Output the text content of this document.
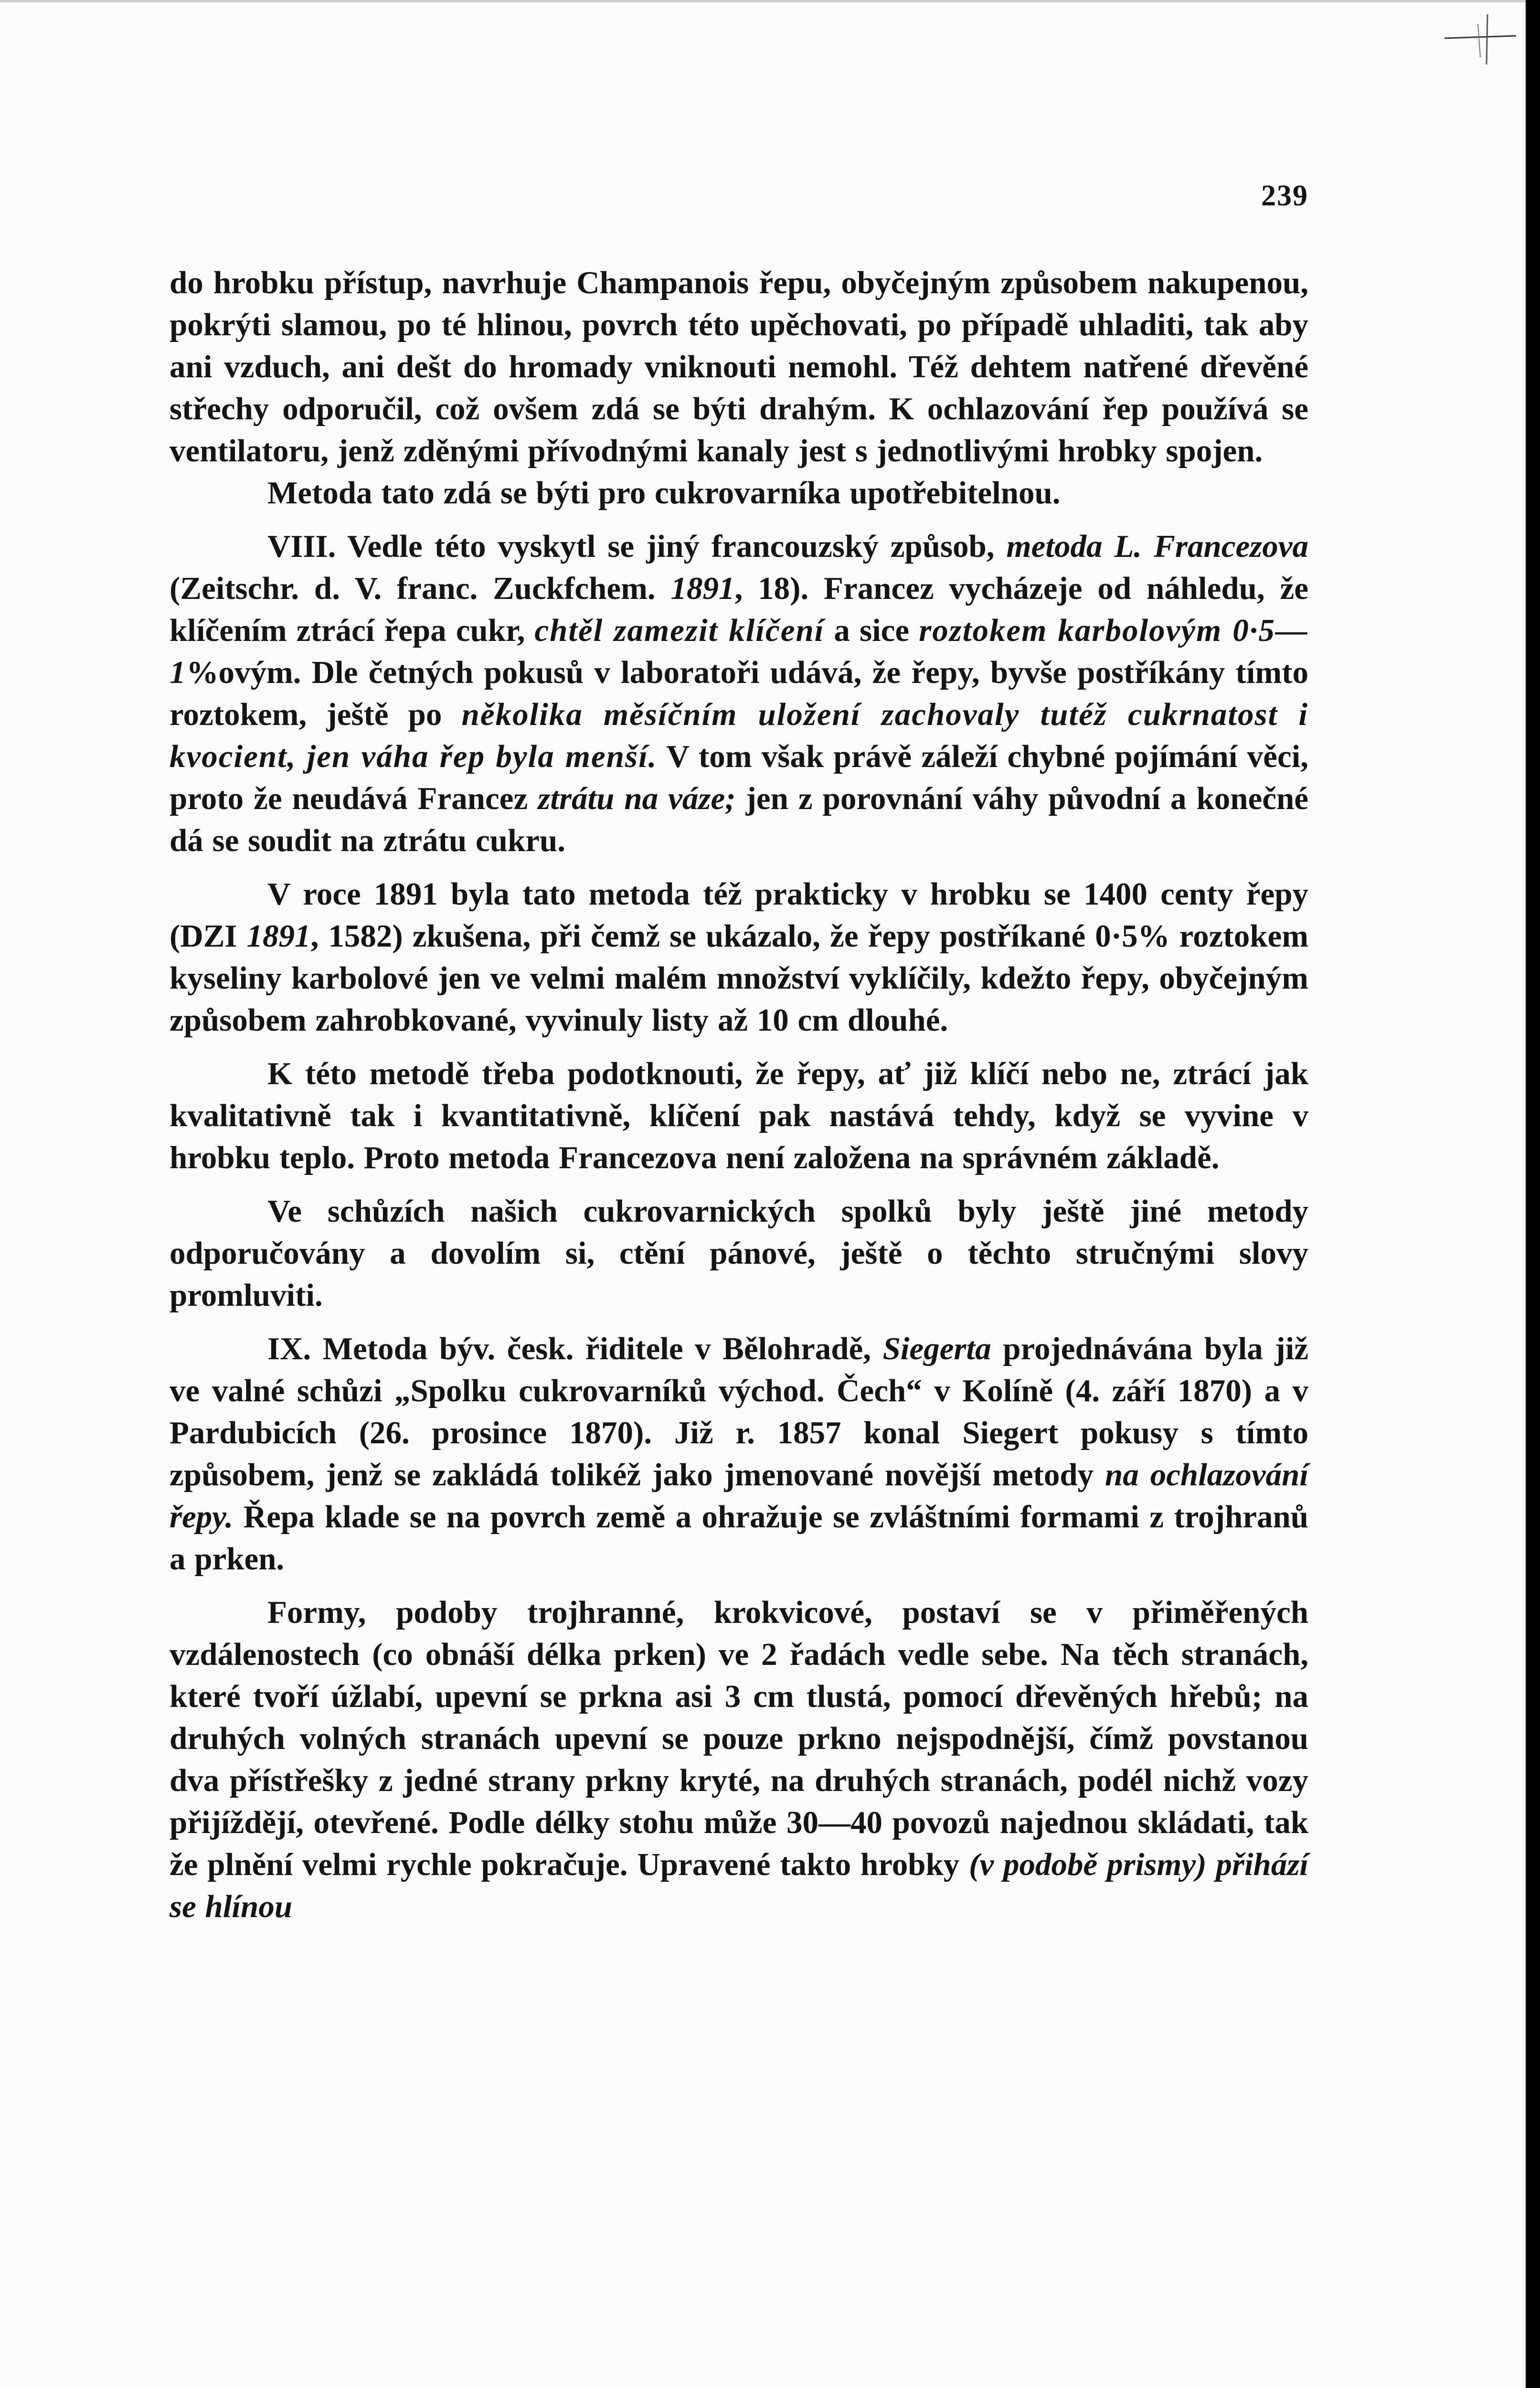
239

do hrobku přístup, navrhuje Champanois řepu, obyčejným způsobem nakupenou, pokrýti slamou, po té hlinou, povrch této upěchovati, po případě uhladiti, tak aby ani vzduch, ani dešt do hromady vniknouti nemohl. Též dehtem natřené dřevěné střechy odporučil, což ovšem zdá se býti drahým. K ochlazování řep používá se ventilatoru, jenž zděnými přívodnými kanaly jest s jednotlivými hrobky spojen.

Metoda tato zdá se býti pro cukrovarníka upotřebitelnou.

VIII. Vedle této vyskytl se jiný francouzský způsob, metoda L. Francezova (Zeitschr. d. V. franc. Zuckfchem. 1891, 18). Francez vycházeje od náhledu, že klíčením ztrácí řepa cukr, chtěl zamezit klíčení a sice roztokem karbolovým 0·5—1%ovým. Dle četných pokusů v laboratoři udává, že řepy, byvše postříkány tímto roztokem, ještě po několika měsíčním uložení zachovaly tutéž cukrnatost i kvocient, jen váha řep byla menší. V tom však právě záleží chybné pojímání věci, proto že neudává Francez ztrátu na váze; jen z porovnání váhy původní a konečné dá se soudit na ztrátu cukru.

V roce 1891 byla tato metoda též prakticky v hrobku se 1400 centy řepy (DZI 1891, 1582) zkušena, při čemž se ukázalo, že řepy postříkané 0·5% roztokem kyseliny karbolové jen ve velmi malém množství vyklíčily, kdežto řepy, obyčejným způsobem zahrobkované, vyvinuly listy až 10 cm dlouhé.

K této metodě třeba podotknouti, že řepy, ať již klíčí nebo ne, ztrácí jak kvalitativně tak i kvantitativně, klíčení pak nastává tehdy, když se vyvine v hrobku teplo. Proto metoda Francezova není založena na správném základě.

Ve schůzích našich cukrovarnických spolků byly ještě jiné metody odporučovány a dovolím si, ctění pánové, ještě o těchto stručnými slovy promluviti.

IX. Metoda býv. česk. řiditele v Bělohradě, Siegerta projednávána byla již ve valné schůzi „Spolku cukrovarníků východ. Čech“ v Kolíně (4. září 1870) a v Pardubicích (26. prosince 1870). Již r. 1857 konal Siegert pokusy s tímto způsobem, jenž se zakládá tolikéž jako jmenované novější metody na ochlazování řepy. Řepa klade se na povrch země a ohražuje se zvláštními formami z trojhranů a prken.

Formy, podoby trojhranné, krokvicové, postaví se v přiměřených vzdálenostech (co obnáší délka prken) ve 2 řadách vedle sebe. Na těch stranách, které tvoří úžlabí, upevní se prkna asi 3 cm tlustá, pomocí dřevěných hřebů; na druhých volných stranách upevní se pouze prkno nejspodnější, čímž povstanou dva přístřešky z jedné strany prkny kryté, na druhých stranách, podél nichž vozy přijíždějí, otevřené. Podle délky stohu může 30—40 povozů najednou skládati, tak že plnění velmi rychle pokračuje. Upravené takto hrobky (v podobě prismy) přihází se hlínou
